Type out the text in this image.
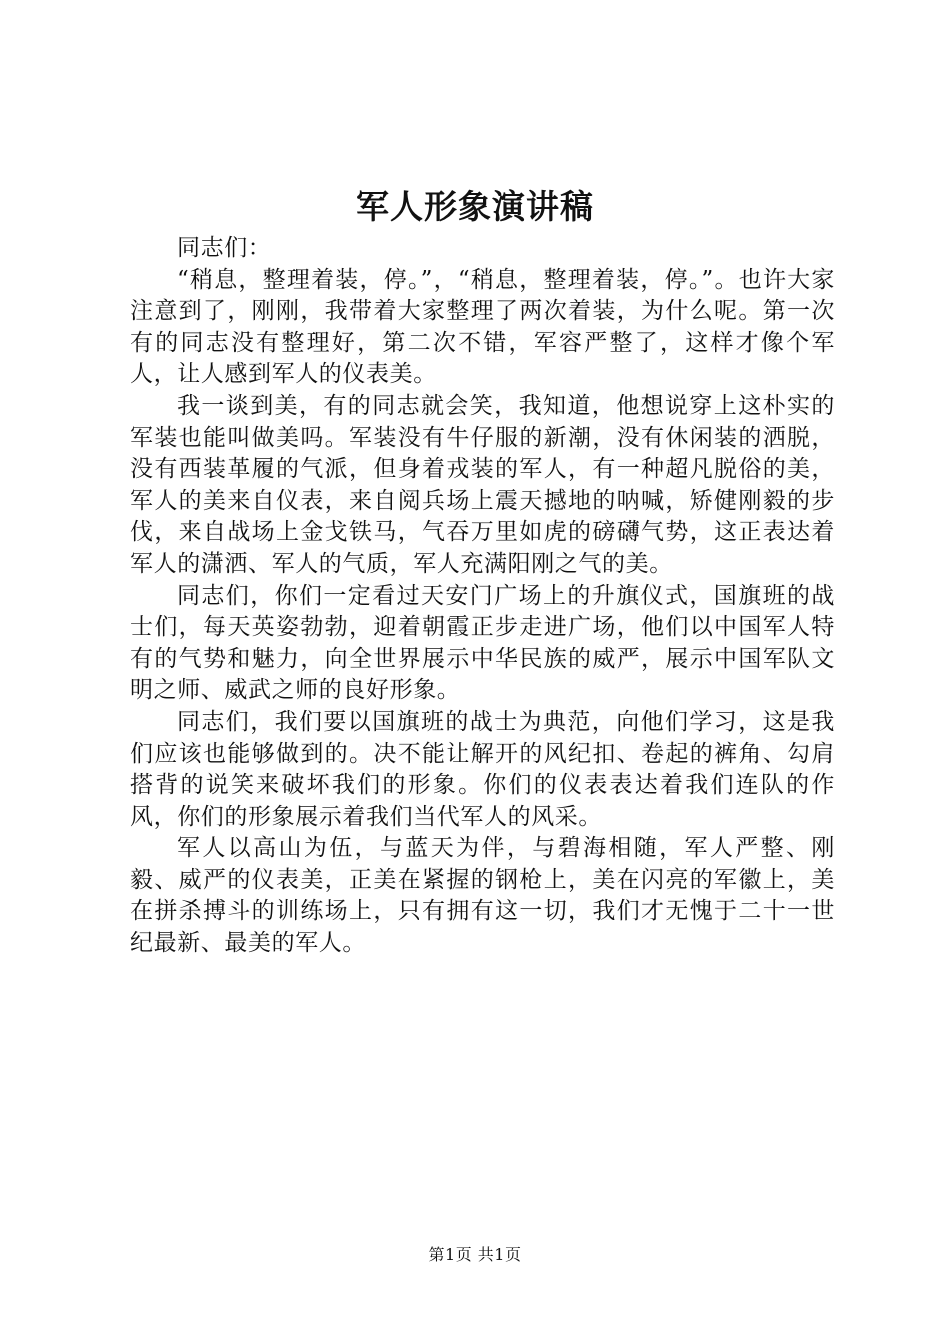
军人形象演讲稿

同志们：

“稍息，整理着装，停。”，“稍息，整理着装，停。”。也许大家注意到了，刚刚，我带着大家整理了两次着装，为什么呢。第一次有的同志没有整理好，第二次不错，军容严整了，这样才像个军人，让人感到军人的仪表美。

我一谈到美，有的同志就会笑，我知道，他想说穿上这朴实的军装也能叫做美吗。军装没有牛仔服的新潮，没有休闲装的洒脱，没有西装革履的气派，但身着戎装的军人，有一种超凡脱俗的美，军人的美来自仪表，来自阅兵场上震天撼地的呐喊，矫健刚毅的步伐，来自战场上金戈铁马，气吞万里如虎的磅礴气势，这正表达着军人的潇洒、军人的气质，军人充满阳刚之气的美。

同志们，你们一定看过天安门广场上的升旗仪式，国旗班的战士们，每天英姿勃勃，迎着朝霞正步走进广场，他们以中国军人特有的气势和魅力，向全世界展示中华民族的威严，展示中国军队文明之师、威武之师的良好形象。

同志们，我们要以国旗班的战士为典范，向他们学习，这是我们应该也能够做到的。决不能让解开的风纪扣、卷起的裤角、勾肩搭背的说笑来破坏我们的形象。你们的仪表表达着我们连队的作风，你们的形象展示着我们当代军人的风采。

军人以高山为伍，与蓝天为伴，与碧海相随，军人严整、刚毅、威严的仪表美，正美在紧握的钢枪上，美在闪亮的军徽上，美在拼杀搏斗的训练场上，只有拥有这一切，我们才无愧于二十一世纪最新、最美的军人。

第1页 共1页
